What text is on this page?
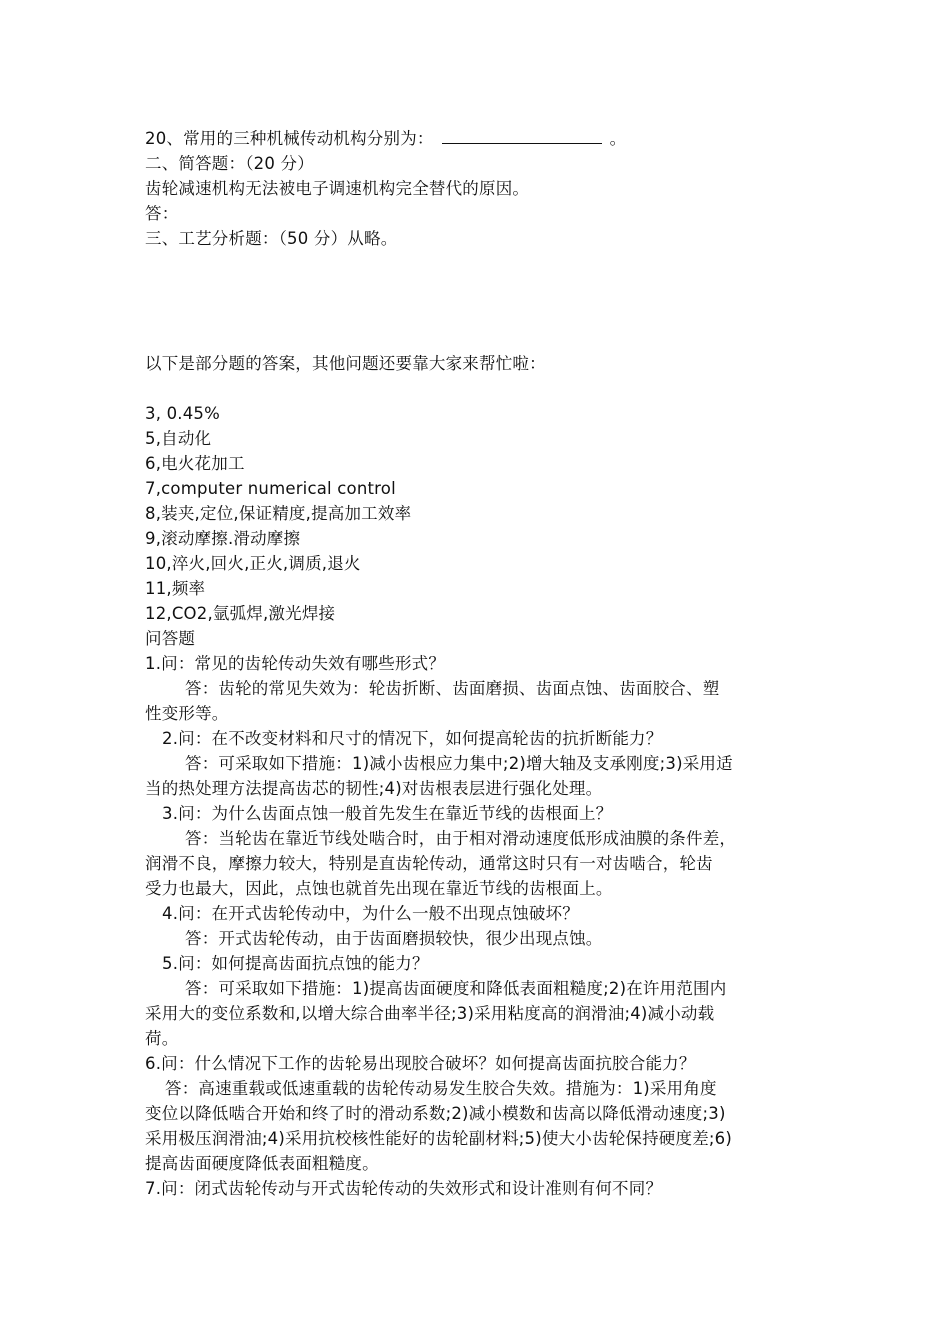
20、常用的三种机械传动机构分别为：	。
二、简答题：（20 分）
齿轮减速机构无法被电子调速机构完全替代的原因。
答：
三、工艺分析题：（50 分）从略。
以下是部分题的答案，其他问题还要靠大家来帮忙啦：
3, 0.45%
5,自动化
6,电火花加工
7,computer numerical control
8,装夹,定位,保证精度,提高加工效率
9,滚动摩擦.滑动摩擦
10,淬火,回火,正火,调质,退火
11,频率
12,CO2,氩弧焊,激光焊接
问答题
1.问：常见的齿轮传动失效有哪些形式？
答：齿轮的常见失效为：轮齿折断、齿面磨损、齿面点蚀、齿面胶合、塑
性变形等。
2.问：在不改变材料和尺寸的情况下，如何提高轮齿的抗折断能力？
答：可采取如下措施：1)减小齿根应力集中;2)增大轴及支承刚度;3)采用适
当的热处理方法提高齿芯的韧性;4)对齿根表层进行强化处理。
3.问：为什么齿面点蚀一般首先发生在靠近节线的齿根面上？
答：当轮齿在靠近节线处啮合时，由于相对滑动速度低形成油膜的条件差，
润滑不良，摩擦力较大，特别是直齿轮传动，通常这时只有一对齿啮合，轮齿
受力也最大，因此，点蚀也就首先出现在靠近节线的齿根面上。
4.问：在开式齿轮传动中，为什么一般不出现点蚀破坏？
答：开式齿轮传动，由于齿面磨损较快，很少出现点蚀。
5.问：如何提高齿面抗点蚀的能力？
答：可采取如下措施：1)提高齿面硬度和降低表面粗糙度;2)在许用范围内
采用大的变位系数和,以增大综合曲率半径;3)采用粘度高的润滑油;4)减小动载
荷。
6.问：什么情况下工作的齿轮易出现胶合破坏？如何提高齿面抗胶合能力？
答：高速重载或低速重载的齿轮传动易发生胶合失效。措施为：1)采用角度
变位以降低啮合开始和终了时的滑动系数;2)减小模数和齿高以降低滑动速度;3)
采用极压润滑油;4)采用抗校核性能好的齿轮副材料;5)使大小齿轮保持硬度差;6)
提高齿面硬度降低表面粗糙度。
7.问：闭式齿轮传动与开式齿轮传动的失效形式和设计准则有何不同？
